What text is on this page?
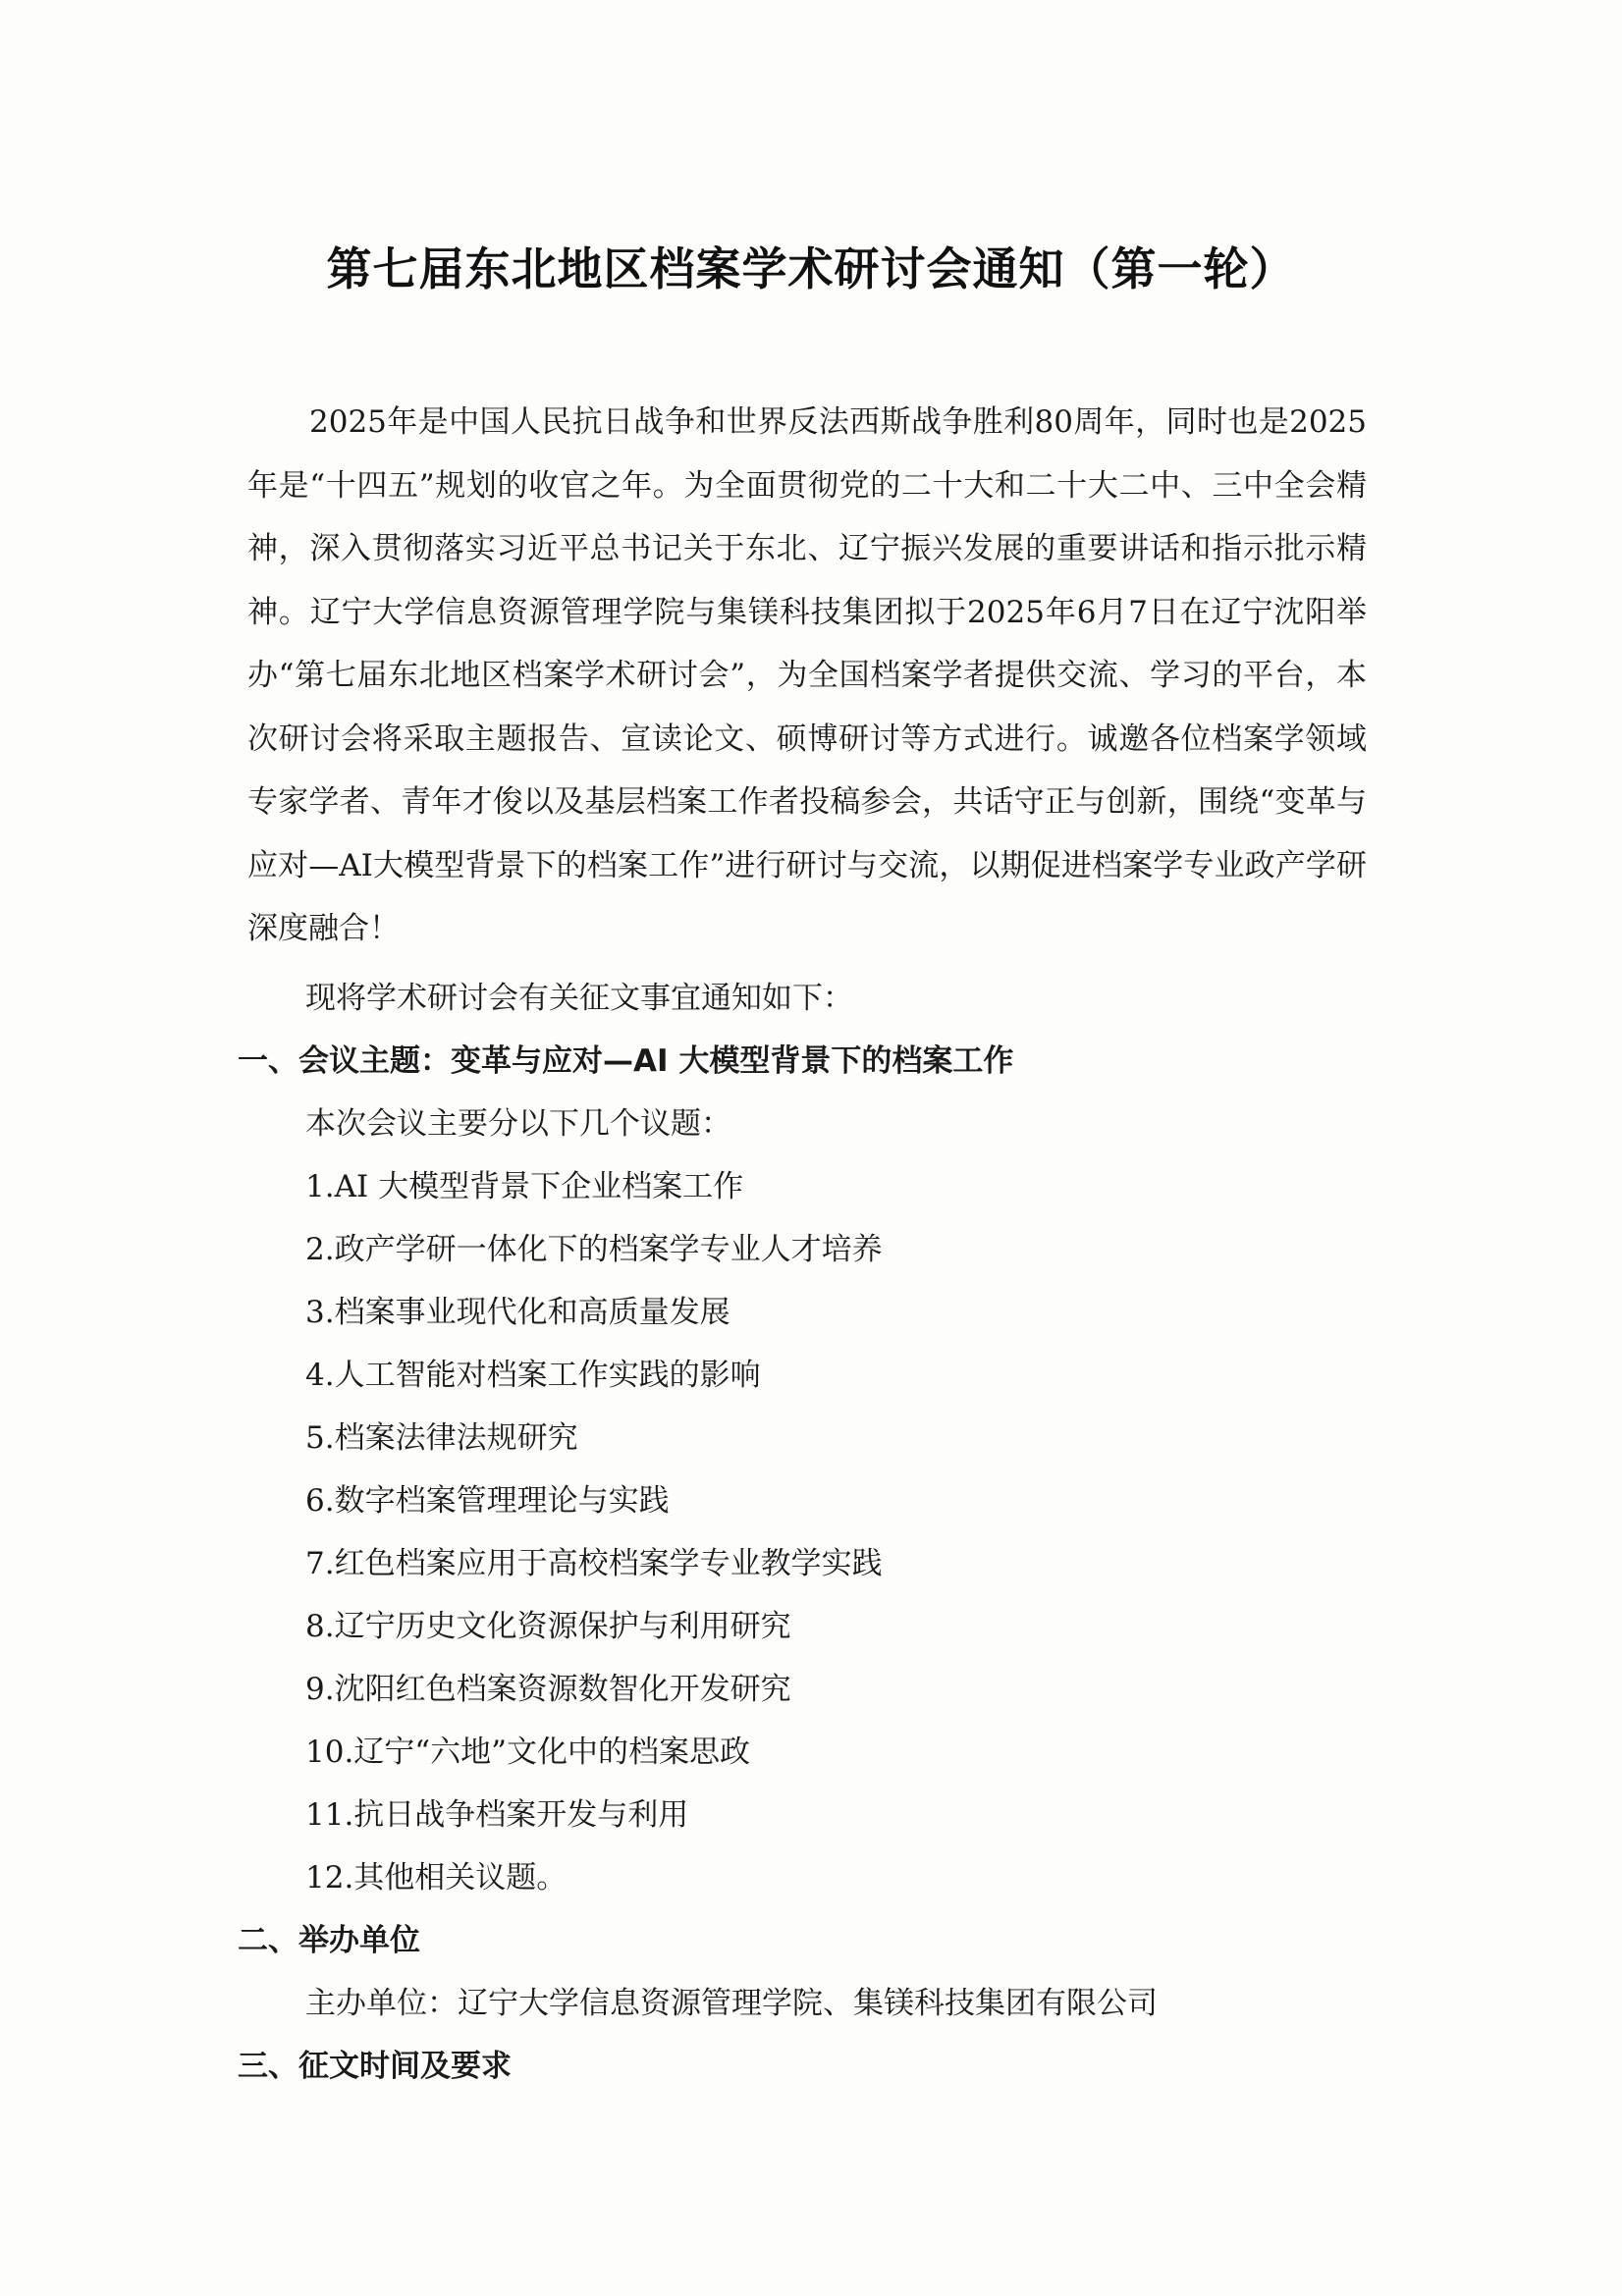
第七届东北地区档案学术研讨会通知（第一轮）

2025年是中国人民抗日战争和世界反法西斯战争胜利80周年，同时也是2025年是“十四五”规划的收官之年。为全面贯彻党的二十大和二十大二中、三中全会精神，深入贯彻落实习近平总书记关于东北、辽宁振兴发展的重要讲话和指示批示精神。辽宁大学信息资源管理学院与集镁科技集团拟于2025年6月7日在辽宁沈阳举办“第七届东北地区档案学术研讨会”，为全国档案学者提供交流、学习的平台，本次研讨会将采取主题报告、宣读论文、硕博研讨等方式进行。诚邀各位档案学领域专家学者、青年才俊以及基层档案工作者投稿参会，共话守正与创新，围绕“变革与应对—AI大模型背景下的档案工作”进行研讨与交流，以期促进档案学专业政产学研深度融合！

现将学术研讨会有关征文事宜通知如下：
一、会议主题：变革与应对—AI 大模型背景下的档案工作
本次会议主要分以下几个议题：
1.AI 大模型背景下企业档案工作
2.政产学研一体化下的档案学专业人才培养
3.档案事业现代化和高质量发展
4.人工智能对档案工作实践的影响
5.档案法律法规研究
6.数字档案管理理论与实践
7.红色档案应用于高校档案学专业教学实践
8.辽宁历史文化资源保护与利用研究
9.沈阳红色档案资源数智化开发研究
10.辽宁“六地”文化中的档案思政
11.抗日战争档案开发与利用
12.其他相关议题。
二、举办单位
主办单位：辽宁大学信息资源管理学院、集镁科技集团有限公司
三、征文时间及要求
